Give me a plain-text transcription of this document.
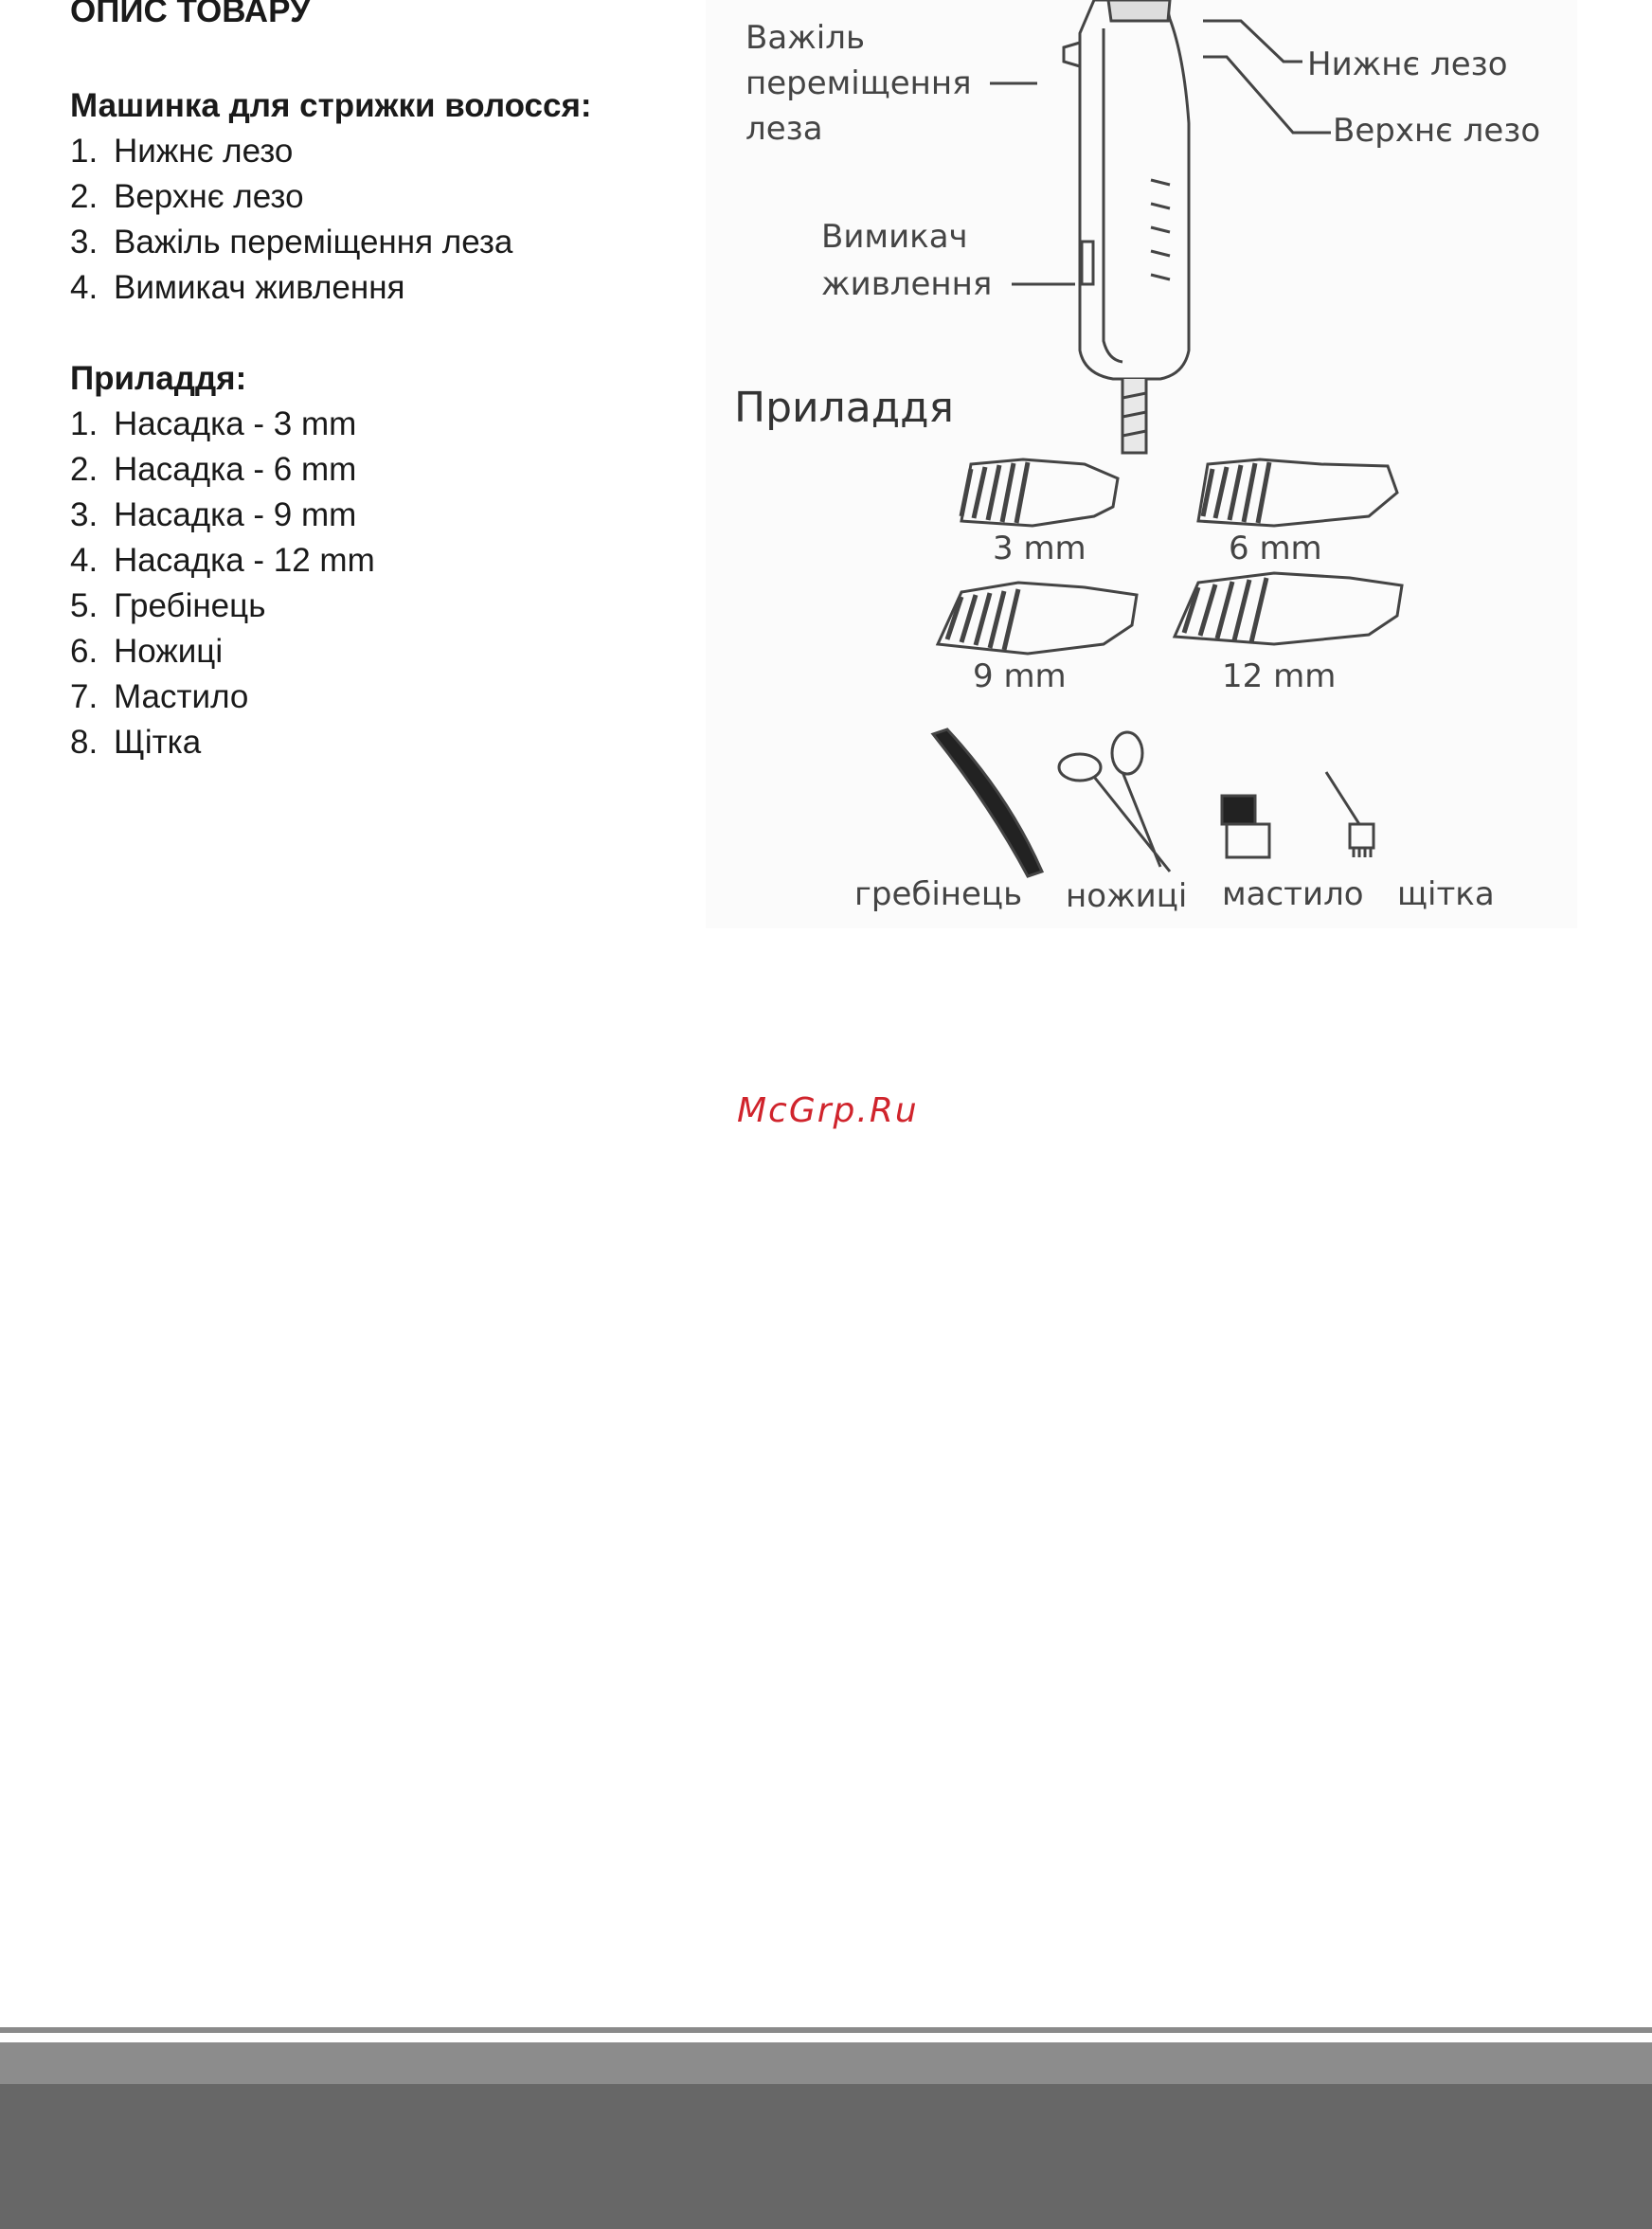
ОПИС ТОВАРУ
Машинка для стрижки волосся:
1. Нижнє лезо
2. Верхнє лезо
3. Важіль переміщення леза
4. Вимикач живлення
Приладдя:
1. Насадка - 3 mm
2. Насадка - 6 mm
3. Насадка - 9 mm
4. Насадка - 12 mm
5. Гребінець
6. Ножиці
7. Мастило
8. Щітка
Важіль
переміщення
леза
Нижнє лезо
Верхнє лезо
Вимикач
живлення
Приладдя
3 mm	6 mm
9 mm	12 mm
гребінець ножиці мастило щітка
McGrp.Ru
